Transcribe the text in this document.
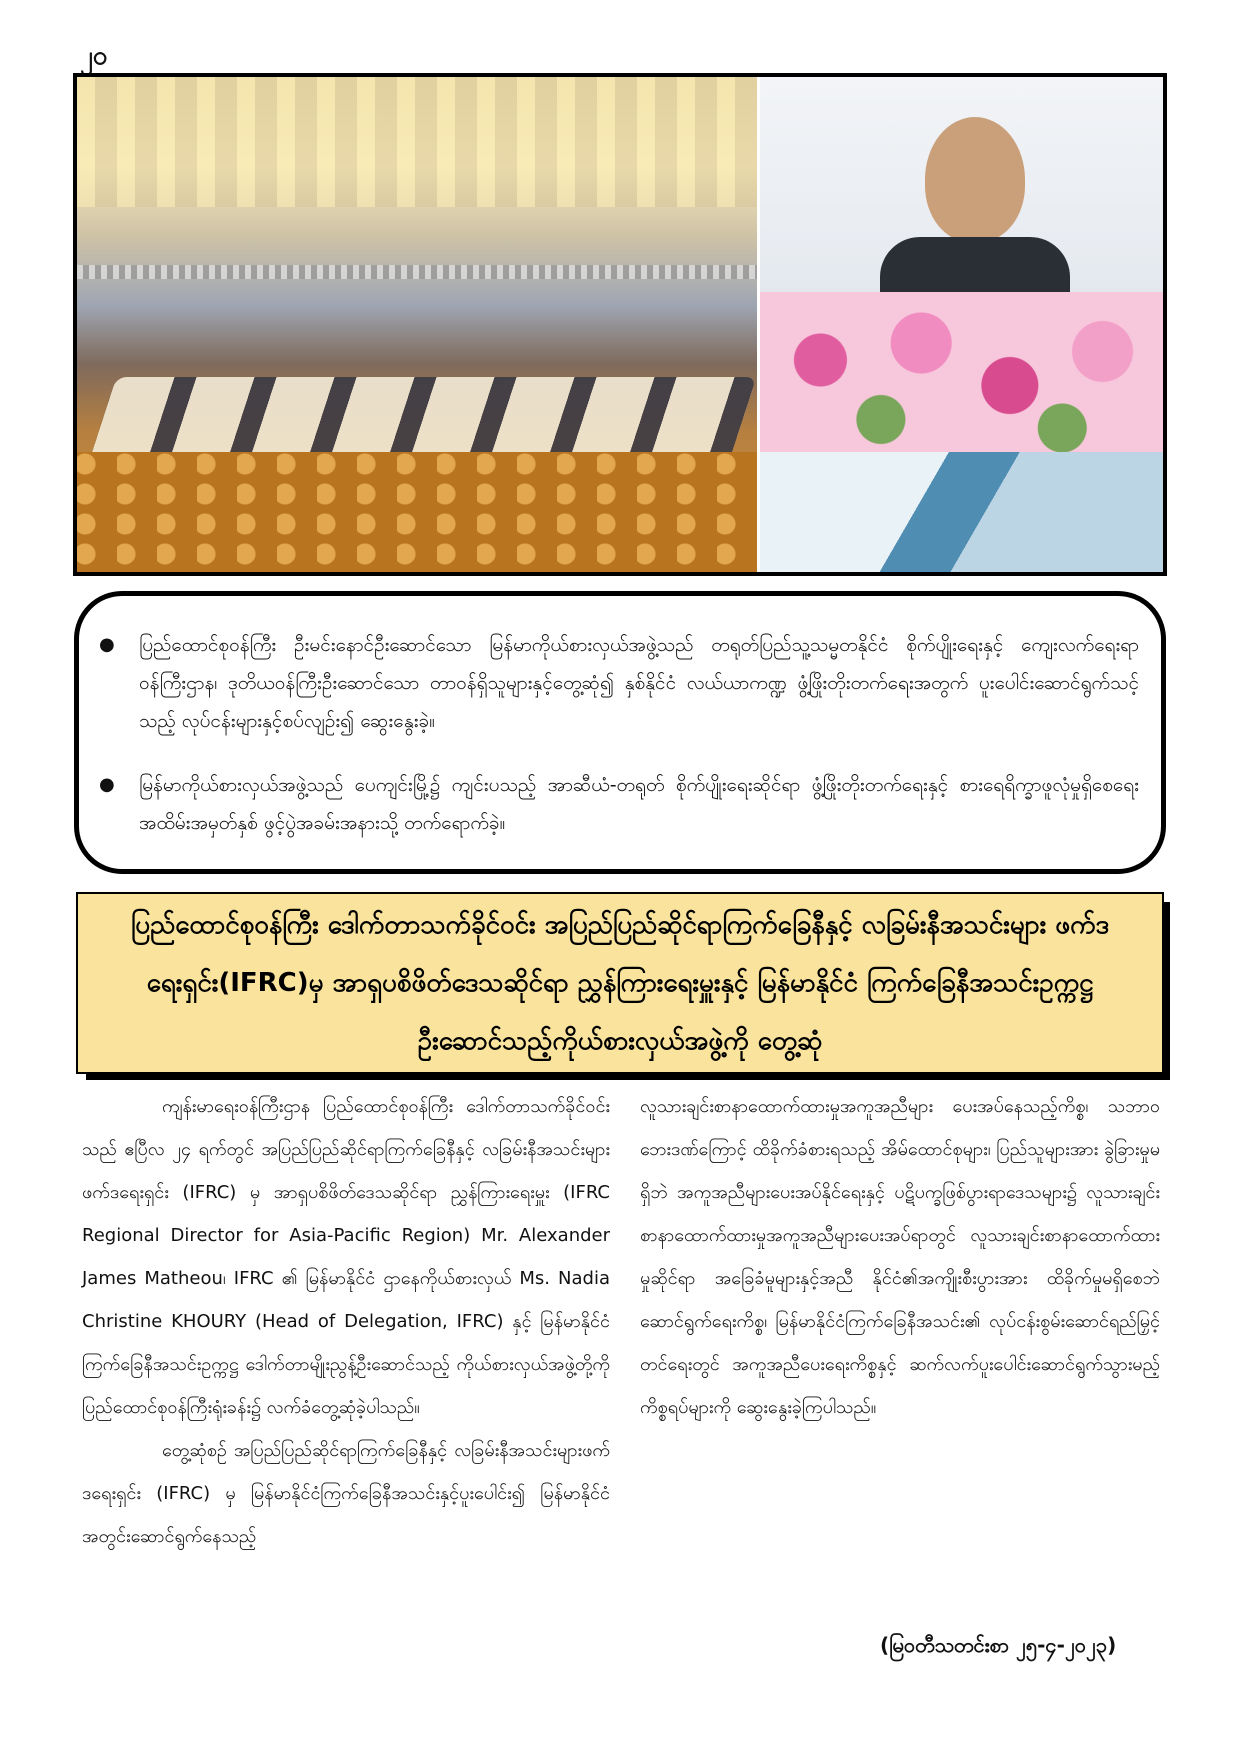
၂၀
● ပြည်ထောင်စုဝန်ကြီး ဦးမင်းနောင်ဦးဆောင်သော မြန်မာကိုယ်စားလှယ်အဖွဲ့သည် တရုတ်ပြည်သူ့သမ္မတနိုင်ငံ စိုက်ပျိုးရေးနှင့် ကျေးလက်ရေးရာဝန်ကြီးဌာန၊ ဒုတိယဝန်ကြီးဦးဆောင်သော တာဝန်ရှိသူများနှင့်တွေ့ဆုံ၍ နှစ်နိုင်ငံ လယ်ယာကဏ္ဍ ဖွံ့ဖြိုးတိုးတက်ရေးအတွက် ပူးပေါင်းဆောင်ရွက်သင့်သည့် လုပ်ငန်းများနှင့်စပ်လျဉ်း၍ ဆွေးနွေးခဲ့။
● မြန်မာကိုယ်စားလှယ်အဖွဲ့သည် ပေကျင်းမြို့၌ ကျင်းပသည့် အာဆီယံ-တရုတ် စိုက်ပျိုးရေးဆိုင်ရာ ဖွံ့ဖြိုးတိုးတက်ရေးနှင့် စားရေရိက္ခာဖူလုံမှုရှိစေရေး အထိမ်းအမှတ်နှစ် ဖွင့်ပွဲအခမ်းအနားသို့ တက်ရောက်ခဲ့။
ပြည်ထောင်စုဝန်ကြီး ဒေါက်တာသက်ခိုင်ဝင်း အပြည်ပြည်ဆိုင်ရာကြက်ခြေနီနှင့် လခြမ်းနီအသင်းများ ဖက်ဒရေးရှင်း(IFRC)မှ အာရှပစိဖိတ်ဒေသဆိုင်ရာ ညွှန်ကြားရေးမှူးနှင့် မြန်မာနိုင်ငံ ကြက်ခြေနီအသင်းဥက္ကဋ္ဌ ဦးဆောင်သည့်ကိုယ်စားလှယ်အဖွဲ့ကို တွေ့ဆုံ

ကျန်းမာရေးဝန်ကြီးဌာန ပြည်ထောင်စုဝန်ကြီး ဒေါက်တာသက်ခိုင်ဝင်းသည် ဧပြီလ ၂၄ ရက်တွင် အပြည်ပြည်ဆိုင်ရာကြက်ခြေနီနှင့် လခြမ်းနီအသင်းများဖက်ဒရေးရှင်း (IFRC) မှ အာရှပစိဖိတ်ဒေသဆိုင်ရာ ညွှန်ကြားရေးမှူး (IFRC Regional Director for Asia-Pacific Region) Mr. Alexander James Matheou၊ IFRC ၏ မြန်မာနိုင်ငံ ဌာနေကိုယ်စားလှယ် Ms. Nadia Christine KHOURY (Head of Delegation, IFRC) နှင့် မြန်မာနိုင်ငံကြက်ခြေနီအသင်းဥက္ကဋ္ဌ ဒေါက်တာမျိုးညွန့်ဦးဆောင်သည့် ကိုယ်စားလှယ်အဖွဲ့တို့ကို ပြည်ထောင်စုဝန်ကြီးရုံးခန်း၌ လက်ခံတွေ့ဆုံခဲ့ပါသည်။

တွေ့ဆုံစဉ် အပြည်ပြည်ဆိုင်ရာကြက်ခြေနီနှင့် လခြမ်းနီအသင်းများဖက်ဒရေးရှင်း (IFRC) မှ မြန်မာနိုင်ငံကြက်ခြေနီအသင်းနှင့်ပူးပေါင်း၍ မြန်မာနိုင်ငံအတွင်းဆောင်ရွက်နေသည့်

လူသားချင်းစာနာထောက်ထားမှုအကူအညီများ ပေးအပ်နေသည့်ကိစ္စ၊ သဘာဝဘေးဒဏ်ကြောင့် ထိခိုက်ခံစားရသည့် အိမ်ထောင်စုများ၊ ပြည်သူများအား ခွဲခြားမှုမရှိဘဲ အကူအညီများပေးအပ်နိုင်ရေးနှင့် ပဋိပက္ခဖြစ်ပွားရာဒေသများ၌ လူသားချင်းစာနာထောက်ထားမှုအကူအညီများပေးအပ်ရာတွင် လူသားချင်းစာနာထောက်ထားမှုဆိုင်ရာ အခြေခံမူများနှင့်အညီ နိုင်ငံ၏အကျိုးစီးပွားအား ထိခိုက်မှုမရှိစေဘဲ ဆောင်ရွက်ရေးကိစ္စ၊ မြန်မာနိုင်ငံကြက်ခြေနီအသင်း၏ လုပ်ငန်းစွမ်းဆောင်ရည်မြှင့်တင်ရေးတွင် အကူအညီပေးရေးကိစ္စနှင့် ဆက်လက်ပူးပေါင်းဆောင်ရွက်သွားမည့်ကိစ္စရပ်များကို ဆွေးနွေးခဲ့ကြပါသည်။

(မြဝတီသတင်းစာ ၂၅-၄-၂၀၂၃)
